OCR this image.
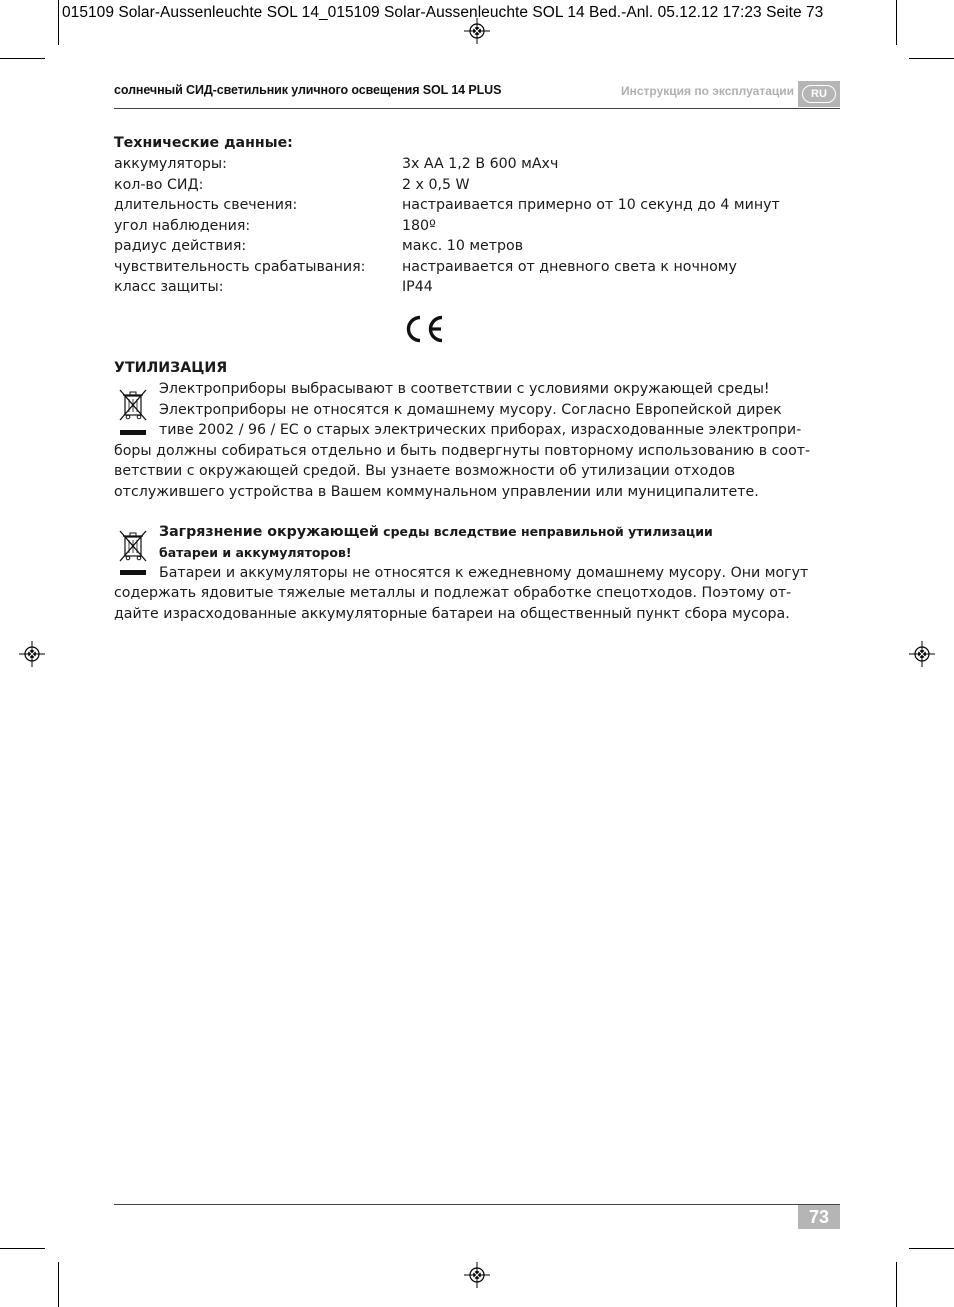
015109 Solar-Aussenleuchte SOL 14_015109 Solar-Aussenleuchte SOL 14 Bed.-Anl. 05.12.12 17:23 Seite 73
солнечный СИД-светильник уличного освещения SOL 14 PLUS	Инструкция по эксплуатации	RU
Технические данные:
аккумуляторы:	3x AA 1,2 В 600 мАхч
кол-во СИД:	2 x 0,5 W
длительность свечения:	настраивается примерно от 10 секунд до 4 минут
угол наблюдения:	180º
радиус действия:	макс. 10 метров
чувствительность срабатывания:	настраивается от дневного света к ночному
класс защиты:	IP44
УТИЛИЗАЦИЯ
Электроприборы выбрасывают в соответствии с условиями окружающей среды!
Электроприборы не относятся к домашнему мусору. Согласно Европейской дирек
тиве 2002 / 96 / ЕС о старых электрических приборах, израсходованные электропри-
боры должны собираться отдельно и быть подвергнуты повторному использованию в соот-
ветствии с окружающей средой. Вы узнаете возможности об утилизации отходов
отслужившего устройства в Вашем коммунальном управлении или муниципалитете.
Загрязнение окружающей среды вследствие неправильной утилизации
батареи и аккумуляторов!
Батареи и аккумуляторы не относятся к ежедневному домашнему мусору. Они могут
содержать ядовитые тяжелые металлы и подлежат обработке спецотходов. Поэтому от-
дайте израсходованные аккумуляторные батареи на общественный пункт сбора мусора.
73
